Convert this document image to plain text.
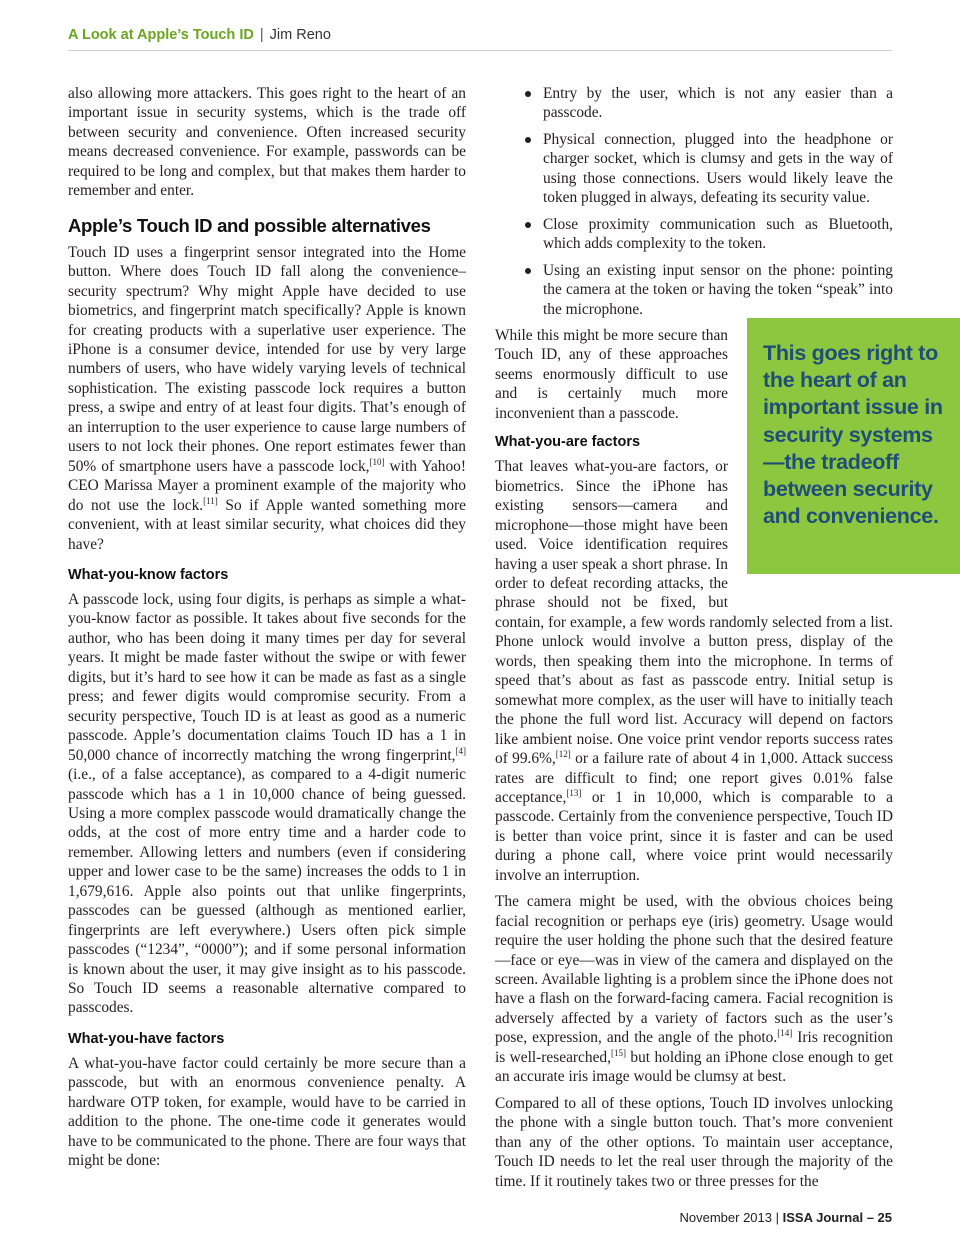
A Look at Apple’s Touch ID | Jim Reno

also allowing more attackers. This goes right to the heart of an important issue in security systems, which is the trade off between security and convenience. Often increased security means decreased convenience. For example, passwords can be required to be long and complex, but that makes them harder to remember and enter.

Apple’s Touch ID and possible alternatives

Touch ID uses a fingerprint sensor integrated into the Home button. Where does Touch ID fall along the convenience–security spectrum? Why might Apple have decided to use biometrics, and fingerprint match specifically? Apple is known for creating products with a superlative user experience. The iPhone is a consumer device, intended for use by very large numbers of users, who have widely varying levels of technical sophistication. The existing passcode lock requires a button press, a swipe and entry of at least four digits. That’s enough of an interruption to the user experience to cause large numbers of users to not lock their phones. One report estimates fewer than 50% of smartphone users have a passcode lock,[10] with Yahoo! CEO Marissa Mayer a prominent example of the majority who do not use the lock.[11] So if Apple wanted something more convenient, with at least similar security, what choices did they have?

What-you-know factors

A passcode lock, using four digits, is perhaps as simple a what-you-know factor as possible. It takes about five seconds for the author, who has been doing it many times per day for several years. It might be made faster without the swipe or with fewer digits, but it’s hard to see how it can be made as fast as a single press; and fewer digits would compromise security. From a security perspective, Touch ID is at least as good as a numeric passcode. Apple’s documentation claims Touch ID has a 1 in 50,000 chance of incorrectly matching the wrong fingerprint,[4] (i.e., of a false acceptance), as compared to a 4-digit numeric passcode which has a 1 in 10,000 chance of being guessed. Using a more complex passcode would dramatically change the odds, at the cost of more entry time and a harder code to remember. Allowing letters and numbers (even if considering upper and lower case to be the same) increases the odds to 1 in 1,679,616. Apple also points out that unlike fingerprints, passcodes can be guessed (although as mentioned earlier, fingerprints are left everywhere.) Users often pick simple passcodes (“1234”, “0000”); and if some personal information is known about the user, it may give insight as to his passcode. So Touch ID seems a reasonable alternative compared to passcodes.

What-you-have factors

A what-you-have factor could certainly be more secure than a passcode, but with an enormous convenience penalty. A hardware OTP token, for example, would have to be carried in addition to the phone. The one-time code it generates would have to be communicated to the phone. There are four ways that might be done:

Entry by the user, which is not any easier than a passcode.
Physical connection, plugged into the headphone or charger socket, which is clumsy and gets in the way of using those connections. Users would likely leave the token plugged in always, defeating its security value.
Close proximity communication such as Bluetooth, which adds complexity to the token.
Using an existing input sensor on the phone: pointing the camera at the token or having the token “speak” into the microphone.

While this might be more secure than Touch ID, any of these approaches seems enormously difficult to use and is certainly much more inconvenient than a passcode.

What-you-are factors

That leaves what-you-are factors, or biometrics. Since the iPhone has existing sensors—camera and microphone—those might have been used. Voice identification requires having a user speak a short phrase. In order to defeat recording attacks, the phrase should not be fixed, but contain, for example, a few words randomly selected from a list. Phone unlock would involve a button press, display of the words, then speaking them into the microphone. In terms of speed that’s about as fast as passcode entry. Initial setup is somewhat more complex, as the user will have to initially teach the phone the full word list. Accuracy will depend on factors like ambient noise. One voice print vendor reports success rates of 99.6%,[12] or a failure rate of about 4 in 1,000. Attack success rates are difficult to find; one report gives 0.01% false acceptance,[13] or 1 in 10,000, which is comparable to a passcode. Certainly from the convenience perspective, Touch ID is better than voice print, since it is faster and can be used during a phone call, where voice print would necessarily involve an interruption.

The camera might be used, with the obvious choices being facial recognition or perhaps eye (iris) geometry. Usage would require the user holding the phone such that the desired feature—face or eye—was in view of the camera and displayed on the screen. Available lighting is a problem since the iPhone does not have a flash on the forward-facing camera. Facial recognition is adversely affected by a variety of factors such as the user’s pose, expression, and the angle of the photo.[14] Iris recognition is well-researched,[15] but holding an iPhone close enough to get an accurate iris image would be clumsy at best.

Compared to all of these options, Touch ID involves unlocking the phone with a single button touch. That’s more convenient than any of the other options. To maintain user acceptance, Touch ID needs to let the real user through the majority of the time. If it routinely takes two or three presses for the

This goes right to the heart of an important issue in security systems—the tradeoff between security and convenience.
November 2013 | ISSA Journal – 25
